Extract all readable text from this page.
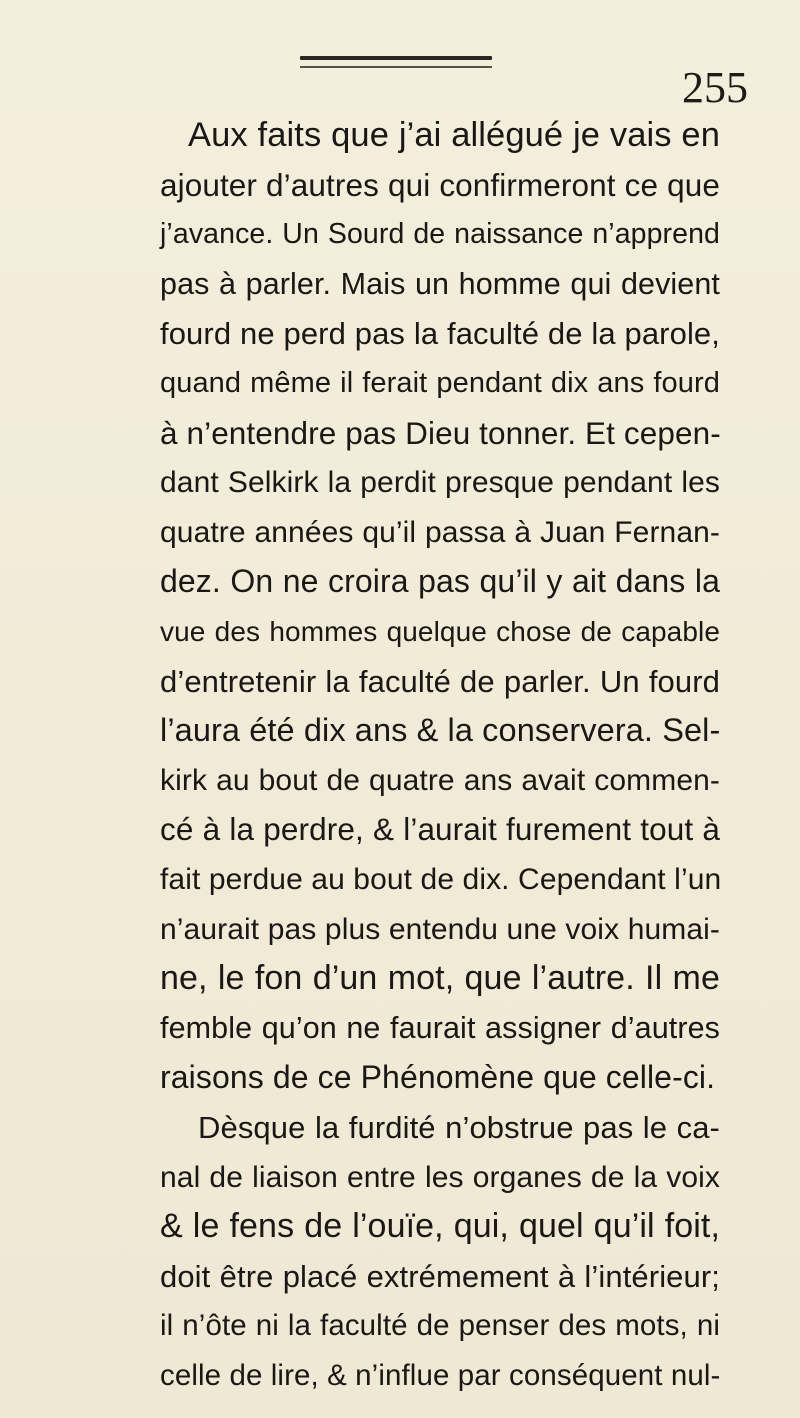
255
Aux faits que j’ai allégué je vais en
ajouter d’autres qui confirmeront ce que
j’avance. Un Sourd de naissance n’apprend
pas à parler. Mais un homme qui devient
fourd ne perd pas la faculté de la parole,
quand même il ferait pendant dix ans fourd
à n’entendre pas Dieu tonner. Et cepen-
dant Selkirk la perdit presque pendant les
quatre années qu’il passa à Juan Fernan-
dez. On ne croira pas qu’il y ait dans la
vue des hommes quelque chose de capable
d’entretenir la faculté de parler. Un fourd
l’aura été dix ans & la conservera. Sel-
kirk au bout de quatre ans avait commen-
cé à la perdre, & l’aurait furement tout à
fait perdue au bout de dix. Cependant l’un
n’aurait pas plus entendu une voix humai-
ne, le fon d’un mot, que l’autre. Il me
femble qu’on ne faurait assigner d’autres
raisons de ce Phénomène que celle-ci.
Dèsque la furdité n’obstrue pas le ca-
nal de liaison entre les organes de la voix
& le fens de l’ouïe, qui, quel qu’il foit,
doit être placé extrémement à l’intérieur;
il n’ôte ni la faculté de penser des mots, ni
celle de lire, & n’influe par conséquent nul-
